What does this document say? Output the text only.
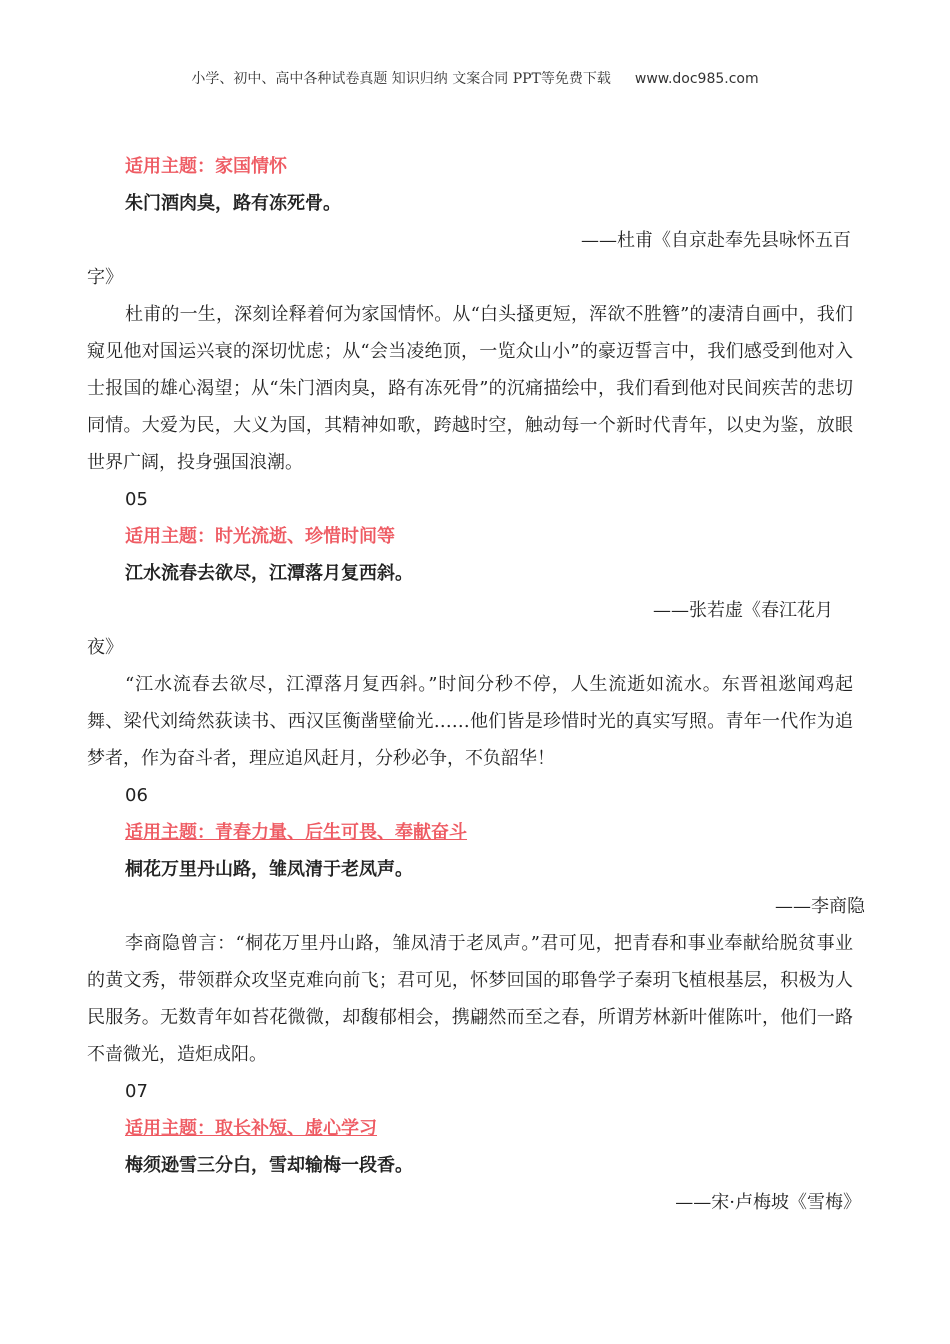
小学、初中、高中各种试卷真题 知识归纳 文案合同 PPT等免费下载 www.doc985.com
适用主题：家国情怀
朱门酒肉臭，路有冻死骨。
——杜甫《自京赴奉先县咏怀五百
字》
杜甫的一生，深刻诠释着何为家国情怀。从“白头搔更短，浑欲不胜簪”的凄清自画中，我们窥见他对国运兴衰的深切忧虑；从“会当凌绝顶，一览众山小”的豪迈誓言中，我们感受到他对入士报国的雄心渴望；从“朱门酒肉臭，路有冻死骨”的沉痛描绘中，我们看到他对民间疾苦的悲切同情。大爱为民，大义为国，其精神如歌，跨越时空，触动每一个新时代青年，以史为鉴，放眼世界广阔，投身强国浪潮。
05
适用主题：时光流逝、珍惜时间等
江水流春去欲尽，江潭落月复西斜。
——张若虚《春江花月
夜》
“江水流春去欲尽，江潭落月复西斜。”时间分秒不停，人生流逝如流水。东晋祖逖闻鸡起舞、梁代刘绮然荻读书、西汉匡衡凿壁偷光……他们皆是珍惜时光的真实写照。青年一代作为追梦者，作为奋斗者，理应追风赶月，分秒必争，不负韶华！
06
适用主题：青春力量、后生可畏、奉献奋斗
桐花万里丹山路，雏凤清于老凤声。
——李商隐
李商隐曾言：“桐花万里丹山路，雏凤清于老凤声。”君可见，把青春和事业奉献给脱贫事业的黄文秀，带领群众攻坚克难向前飞；君可见，怀梦回国的耶鲁学子秦玥飞植根基层，积极为人民服务。无数青年如苔花微微，却馥郁相会，携翩然而至之春，所谓芳林新叶催陈叶，他们一路不啬微光，造炬成阳。
07
适用主题：取长补短、虚心学习
梅须逊雪三分白，雪却输梅一段香。
——宋·卢梅坡《雪梅》
